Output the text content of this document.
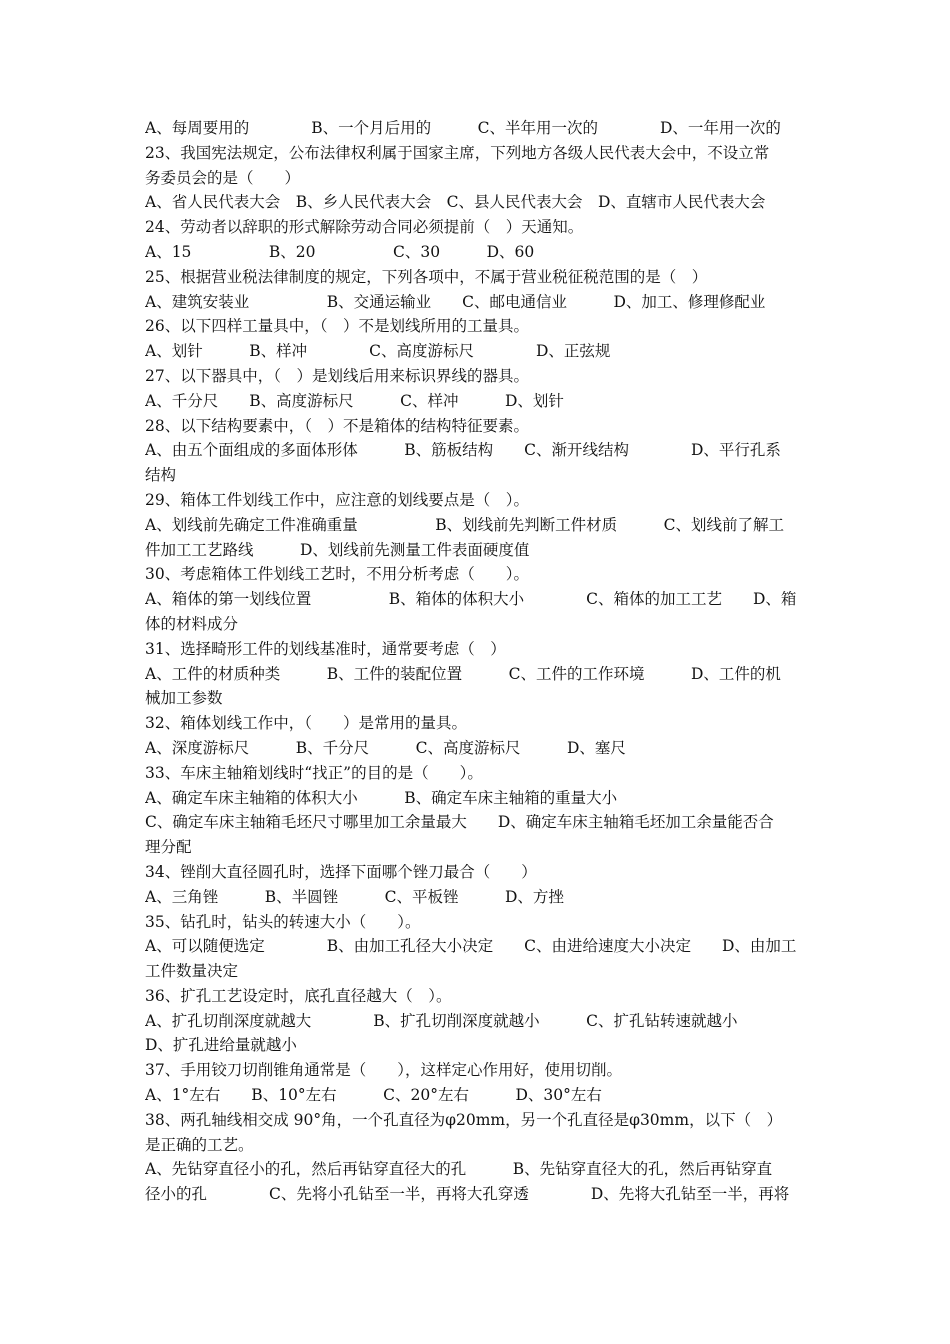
A、每周要用的　　　　B、一个月后用的　　　C、半年用一次的　　　　D、一年用一次的
23、我国宪法规定，公布法律权利属于国家主席，下列地方各级人民代表大会中，不设立常
务委员会的是（　　）
A、省人民代表大会　B、乡人民代表大会　C、县人民代表大会　D、直辖市人民代表大会
24、劳动者以辞职的形式解除劳动合同必须提前（　）天通知。
A、15　　　　　B、20　　　　　C、30　　　D、60
25、根据营业税法律制度的规定，下列各项中，不属于营业税征税范围的是（　）
A、建筑安装业　　　　　B、交通运输业　　C、邮电通信业　　　D、加工、修理修配业
26、以下四样工量具中，（　）不是划线所用的工量具。
A、划针　　　B、样冲　　　　C、高度游标尺　　　　D、正弦规
27、以下器具中，（　）是划线后用来标识界线的器具。
A、千分尺　　B、高度游标尺　　　C、样冲　　　D、划针
28、以下结构要素中，（　）不是箱体的结构特征要素。
A、由五个面组成的多面体形体　　　B、筋板结构　　C、渐开线结构　　　　D、平行孔系
结构
29、箱体工件划线工作中，应注意的划线要点是（　）。
A、划线前先确定工件准确重量　　　　　B、划线前先判断工件材质　　　C、划线前了解工
件加工工艺路线　　　D、划线前先测量工件表面硬度值
30、考虑箱体工件划线工艺时，不用分析考虑（　　）。
A、箱体的第一划线位置　　　　　B、箱体的体积大小　　　　C、箱体的加工工艺　　D、箱
体的材料成分
31、选择畸形工件的划线基准时，通常要考虑（　）
A、工件的材质种类　　　B、工件的装配位置　　　C、工件的工作环境　　　D、工件的机
械加工参数
32、箱体划线工作中，（　　）是常用的量具。
A、深度游标尺　　　B、千分尺　　　C、高度游标尺　　　D、塞尺
33、车床主轴箱划线时“找正”的目的是（　　）。
A、确定车床主轴箱的体积大小　　　B、确定车床主轴箱的重量大小
C、确定车床主轴箱毛坯尺寸哪里加工余量最大　　D、确定车床主轴箱毛坯加工余量能否合
理分配
34、锉削大直径圆孔时，选择下面哪个锉刀最合（　　）
A、三角锉　　　B、半圆锉　　　C、平板锉　　　D、方挫
35、钻孔时，钻头的转速大小（　　）。
A、可以随便选定　　　　B、由加工孔径大小决定　　C、由进给速度大小决定　　D、由加工
工件数量决定
36、扩孔工艺设定时，底孔直径越大（　）。
A、扩孔切削深度就越大　　　　B、扩孔切削深度就越小　　　C、扩孔钻转速就越小
D、扩孔进给量就越小
37、手用铰刀切削锥角通常是（　　），这样定心作用好，使用切削。
A、1°左右　　B、10°左右　　　C、20°左右　　　D、30°左右
38、两孔轴线相交成 90°角，一个孔直径为φ20mm，另一个孔直径是φ30mm，以下（　）
是正确的工艺。
A、先钻穿直径小的孔，然后再钻穿直径大的孔　　　B、先钻穿直径大的孔，然后再钻穿直
径小的孔　　　　C、先将小孔钻至一半，再将大孔穿透　　　　D、先将大孔钻至一半，再将
